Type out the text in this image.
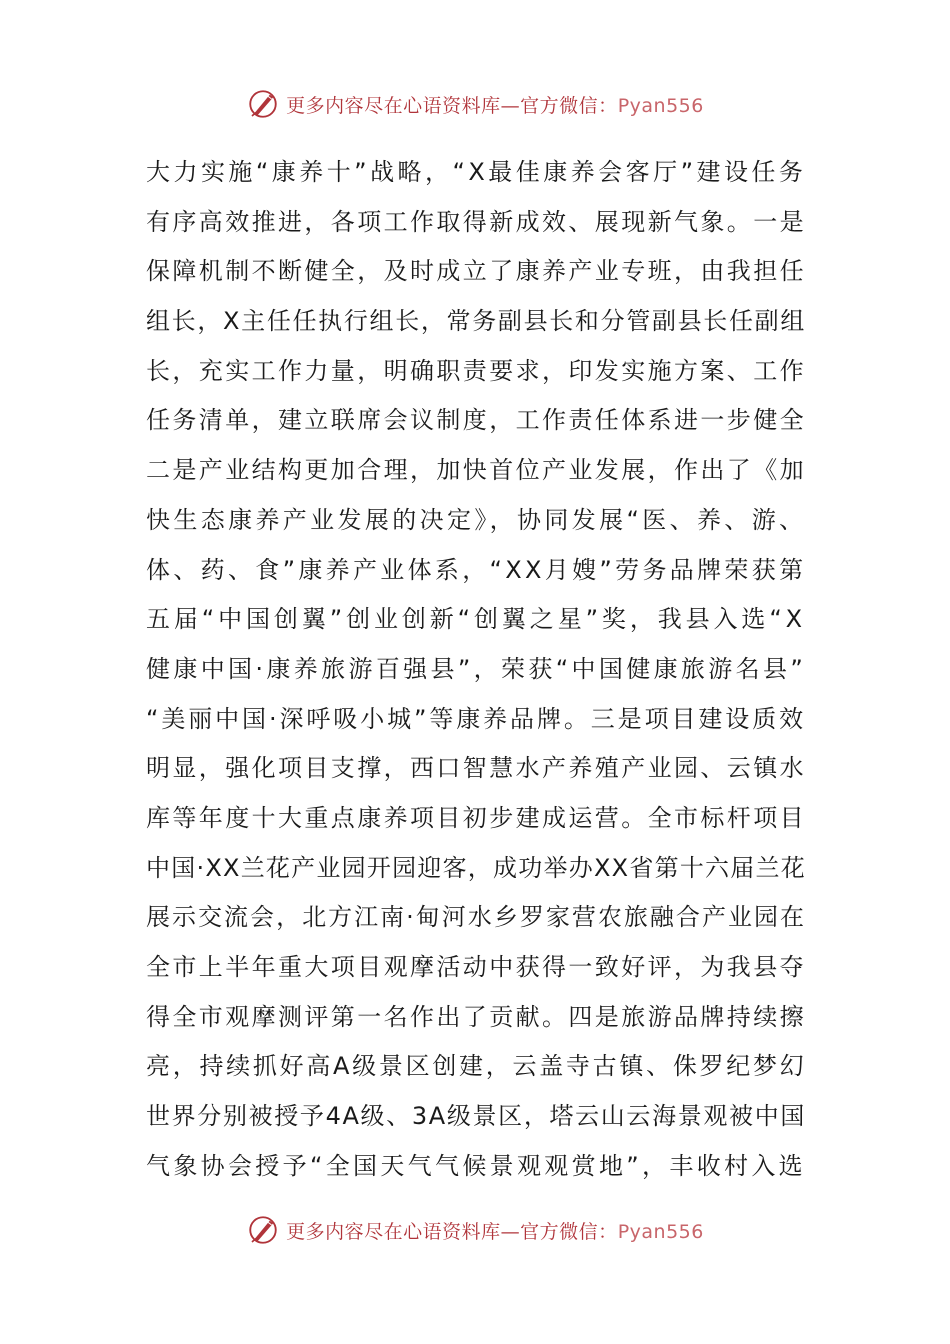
更多内容尽在心语资料库—官方微信：Pyan556
大力实施“康养十”战略，“X最佳康养会客厅”建设任务
有序高效推进，各项工作取得新成效、展现新气象。一是
保障机制不断健全，及时成立了康养产业专班，由我担任
组长，X主任任执行组长，常务副县长和分管副县长任副组
长，充实工作力量，明确职责要求，印发实施方案、工作
任务清单，建立联席会议制度，工作责任体系进一步健全
二是产业结构更加合理，加快首位产业发展，作出了《加
快生态康养产业发展的决定》，协同发展“医、养、游、
体、药、食”康养产业体系，“XX月嫂”劳务品牌荣获第
五届“中国创翼”创业创新“创翼之星”奖，我县入选“X
健康中国·康养旅游百强县”，荣获“中国健康旅游名县”
“美丽中国·深呼吸小城”等康养品牌。三是项目建设质效
明显，强化项目支撑，西口智慧水产养殖产业园、云镇水
库等年度十大重点康养项目初步建成运营。全市标杆项目
中国·XX兰花产业园开园迎客，成功举办XX省第十六届兰花
展示交流会，北方江南·甸河水乡罗家营农旅融合产业园在
全市上半年重大项目观摩活动中获得一致好评，为我县夺
得全市观摩测评第一名作出了贡献。四是旅游品牌持续擦
亮，持续抓好高A级景区创建，云盖寺古镇、侏罗纪梦幻
世界分别被授予4A级、3A级景区，塔云山云海景观被中国
气象协会授予“全国天气气候景观观赏地”，丰收村入选
更多内容尽在心语资料库—官方微信：Pyan556
